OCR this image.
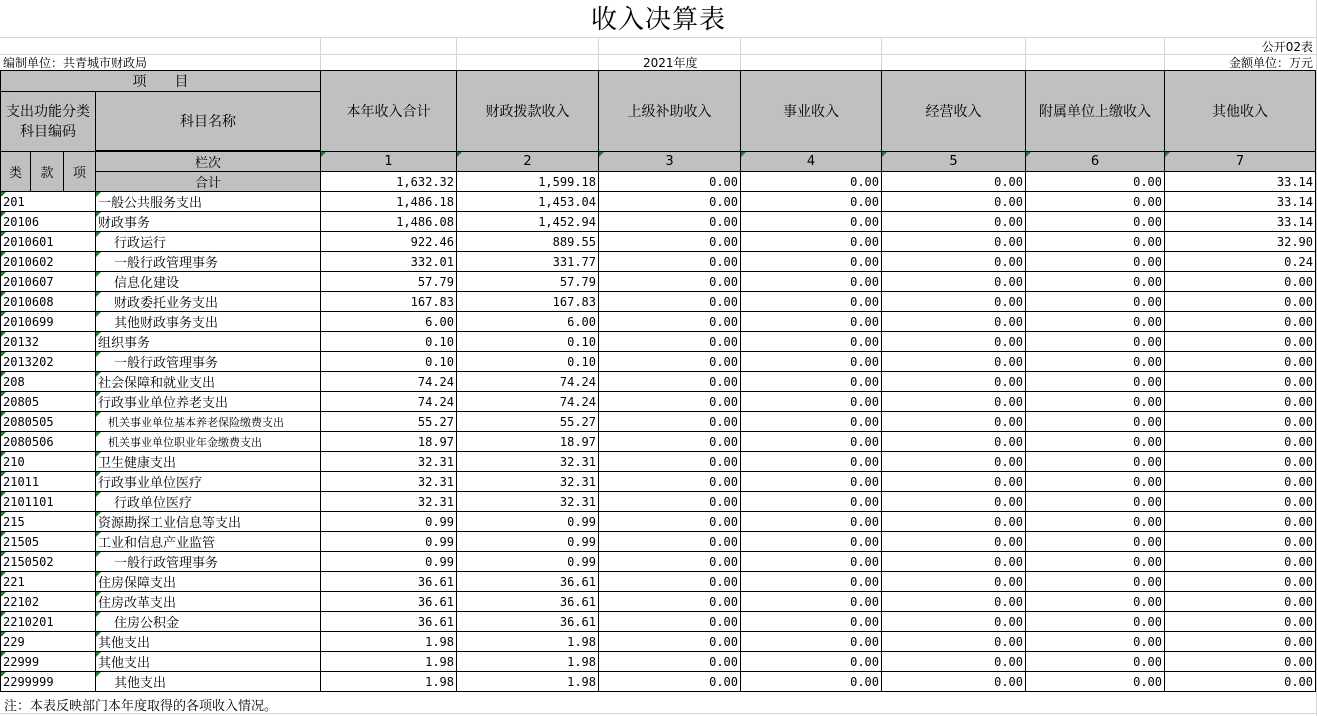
收入决算表
公开02表
编制单位：共青城市财政局	2021年度	金额单位：万元
项　　目				本年收入合计	财政拨款收入	上级补助收入	事业收入	经营收入	附属单位上缴收入	其他收入
支出功能分类科目编码			科目名称							

类	款	项	栏次	1	2	3	4	5	6	7
			合计	1,632.32	1,599.18	0.00	0.00	0.00	0.00	33.14
201			一般公共服务支出	1,486.18	1,453.04	0.00	0.00	0.00	0.00	33.14
20106			财政事务	1,486.08	1,452.94	0.00	0.00	0.00	0.00	33.14
2010601			行政运行	922.46	889.55	0.00	0.00	0.00	0.00	32.90
2010602			一般行政管理事务	332.01	331.77	0.00	0.00	0.00	0.00	0.24
2010607			信息化建设	57.79	57.79	0.00	0.00	0.00	0.00	0.00
2010608			财政委托业务支出	167.83	167.83	0.00	0.00	0.00	0.00	0.00
2010699			其他财政事务支出	6.00	6.00	0.00	0.00	0.00	0.00	0.00
20132			组织事务	0.10	0.10	0.00	0.00	0.00	0.00	0.00
2013202			一般行政管理事务	0.10	0.10	0.00	0.00	0.00	0.00	0.00
208			社会保障和就业支出	74.24	74.24	0.00	0.00	0.00	0.00	0.00
20805			行政事业单位养老支出	74.24	74.24	0.00	0.00	0.00	0.00	0.00
2080505			机关事业单位基本养老保险缴费支出	55.27	55.27	0.00	0.00	0.00	0.00	0.00
2080506			机关事业单位职业年金缴费支出	18.97	18.97	0.00	0.00	0.00	0.00	0.00
210			卫生健康支出	32.31	32.31	0.00	0.00	0.00	0.00	0.00
21011			行政事业单位医疗	32.31	32.31	0.00	0.00	0.00	0.00	0.00
2101101			行政单位医疗	32.31	32.31	0.00	0.00	0.00	0.00	0.00
215			资源勘探工业信息等支出	0.99	0.99	0.00	0.00	0.00	0.00	0.00
21505			工业和信息产业监管	0.99	0.99	0.00	0.00	0.00	0.00	0.00
2150502			一般行政管理事务	0.99	0.99	0.00	0.00	0.00	0.00	0.00
221			住房保障支出	36.61	36.61	0.00	0.00	0.00	0.00	0.00
22102			住房改革支出	36.61	36.61	0.00	0.00	0.00	0.00	0.00
2210201			住房公积金	36.61	36.61	0.00	0.00	0.00	0.00	0.00
229			其他支出	1.98	1.98	0.00	0.00	0.00	0.00	0.00
22999			其他支出	1.98	1.98	0.00	0.00	0.00	0.00	0.00
2299999			其他支出	1.98	1.98	0.00	0.00	0.00	0.00	0.00
注：本表反映部门本年度取得的各项收入情况。
